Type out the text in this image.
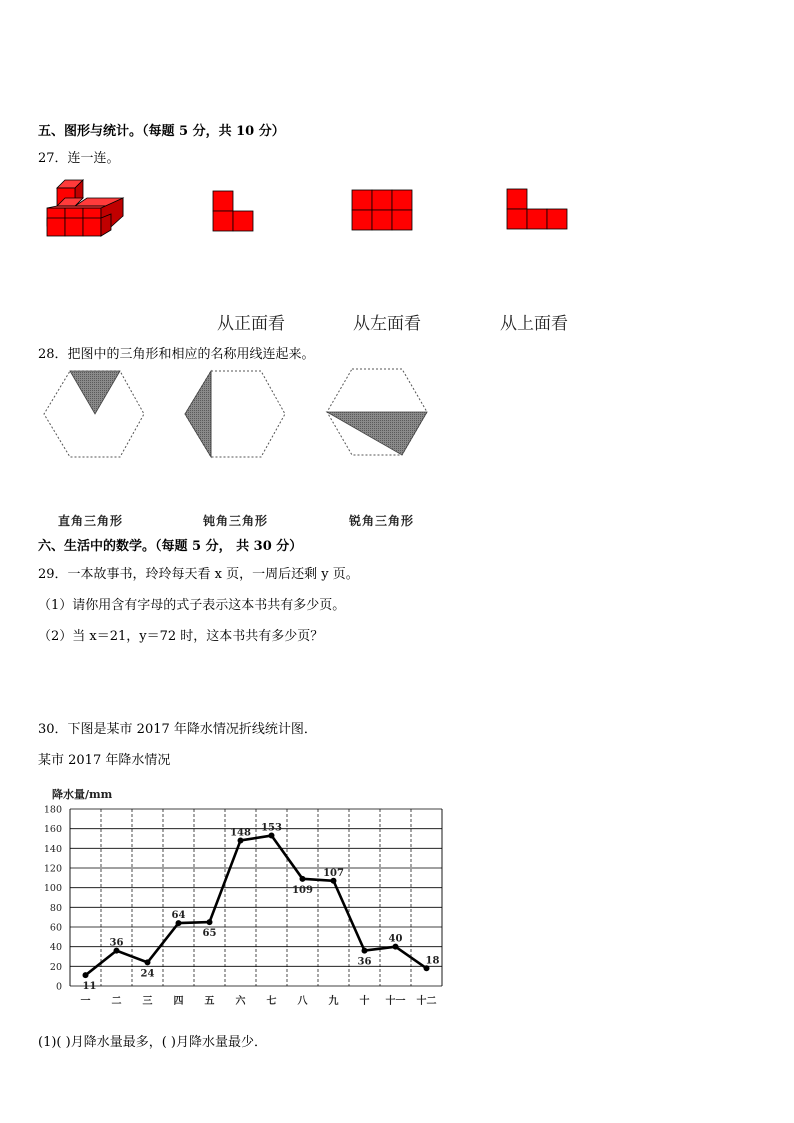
五、图形与统计。（每题 5 分，共 10 分）
27．连一连。
从正面看	从左面看	从上面看
28．把图中的三角形和相应的名称用线连起来。
直角三角形	钝角三角形	锐角三角形
六、生活中的数学。（每题 5 分， 共 30 分）
29．一本故事书，玲玲每天看 x 页，一周后还剩 y 页。
（1）请你用含有字母的式子表示这本书共有多少页。
（2）当 x＝21，y＝72 时，这本书共有多少页？
30．下图是某市 2017 年降水情况折线统计图．
某市 2017 年降水情况
降水量/mm
0
20
40
60
80
100
120
140
160
180
一 二 三 四 五 六 七 八 九 十 十一 十二
11
36
24
64
65
148 153
109
107
36
40
18
(1)( )月降水量最多，( )月降水量最少．
